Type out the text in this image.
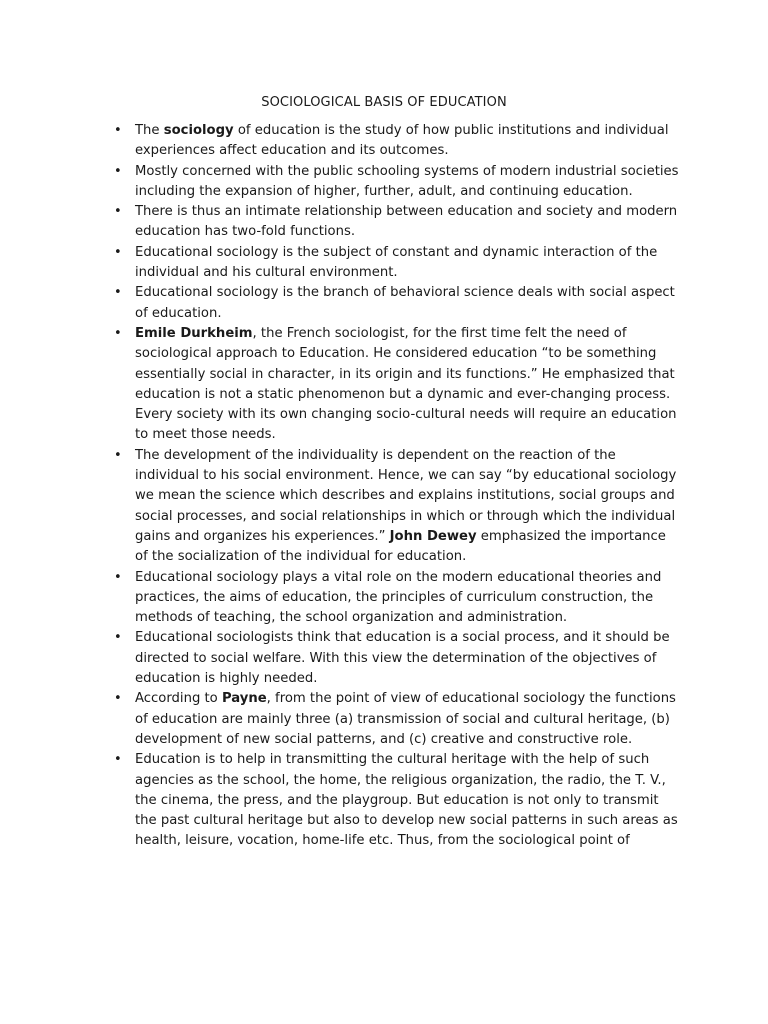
SOCIOLOGICAL BASIS OF EDUCATION
• The sociology of education is the study of how public institutions and individual experiences affect education and its outcomes.
• Mostly concerned with the public schooling systems of modern industrial societies including the expansion of higher, further, adult, and continuing education.
• There is thus an intimate relationship between education and society and modern education has two-fold functions.
• Educational sociology is the subject of constant and dynamic interaction of the individual and his cultural environment.
• Educational sociology is the branch of behavioral science deals with social aspect of education.
• Emile Durkheim, the French sociologist, for the first time felt the need of sociological approach to Education. He considered education “to be something essentially social in character, in its origin and its functions.” He emphasized that education is not a static phenomenon but a dynamic and ever-changing process. Every society with its own changing socio-cultural needs will require an education to meet those needs.
• The development of the individuality is dependent on the reaction of the individual to his social environment. Hence, we can say “by educational sociology we mean the science which describes and explains institutions, social groups and social processes, and social relationships in which or through which the individual gains and organizes his experiences.” John Dewey emphasized the importance of the socialization of the individual for education.
• Educational sociology plays a vital role on the modern educational theories and practices, the aims of education, the principles of curriculum construction, the methods of teaching, the school organization and administration.
• Educational sociologists think that education is a social process, and it should be directed to social welfare. With this view the determination of the objectives of education is highly needed.
• According to Payne, from the point of view of educational sociology the functions of education are mainly three (a) transmission of social and cultural heritage, (b) development of new social patterns, and (c) creative and constructive role.
• Education is to help in transmitting the cultural heritage with the help of such agencies as the school, the home, the religious organization, the radio, the T. V., the cinema, the press, and the playgroup. But education is not only to transmit the past cultural heritage but also to develop new social patterns in such areas as health, leisure, vocation, home-life etc. Thus, from the sociological point of
